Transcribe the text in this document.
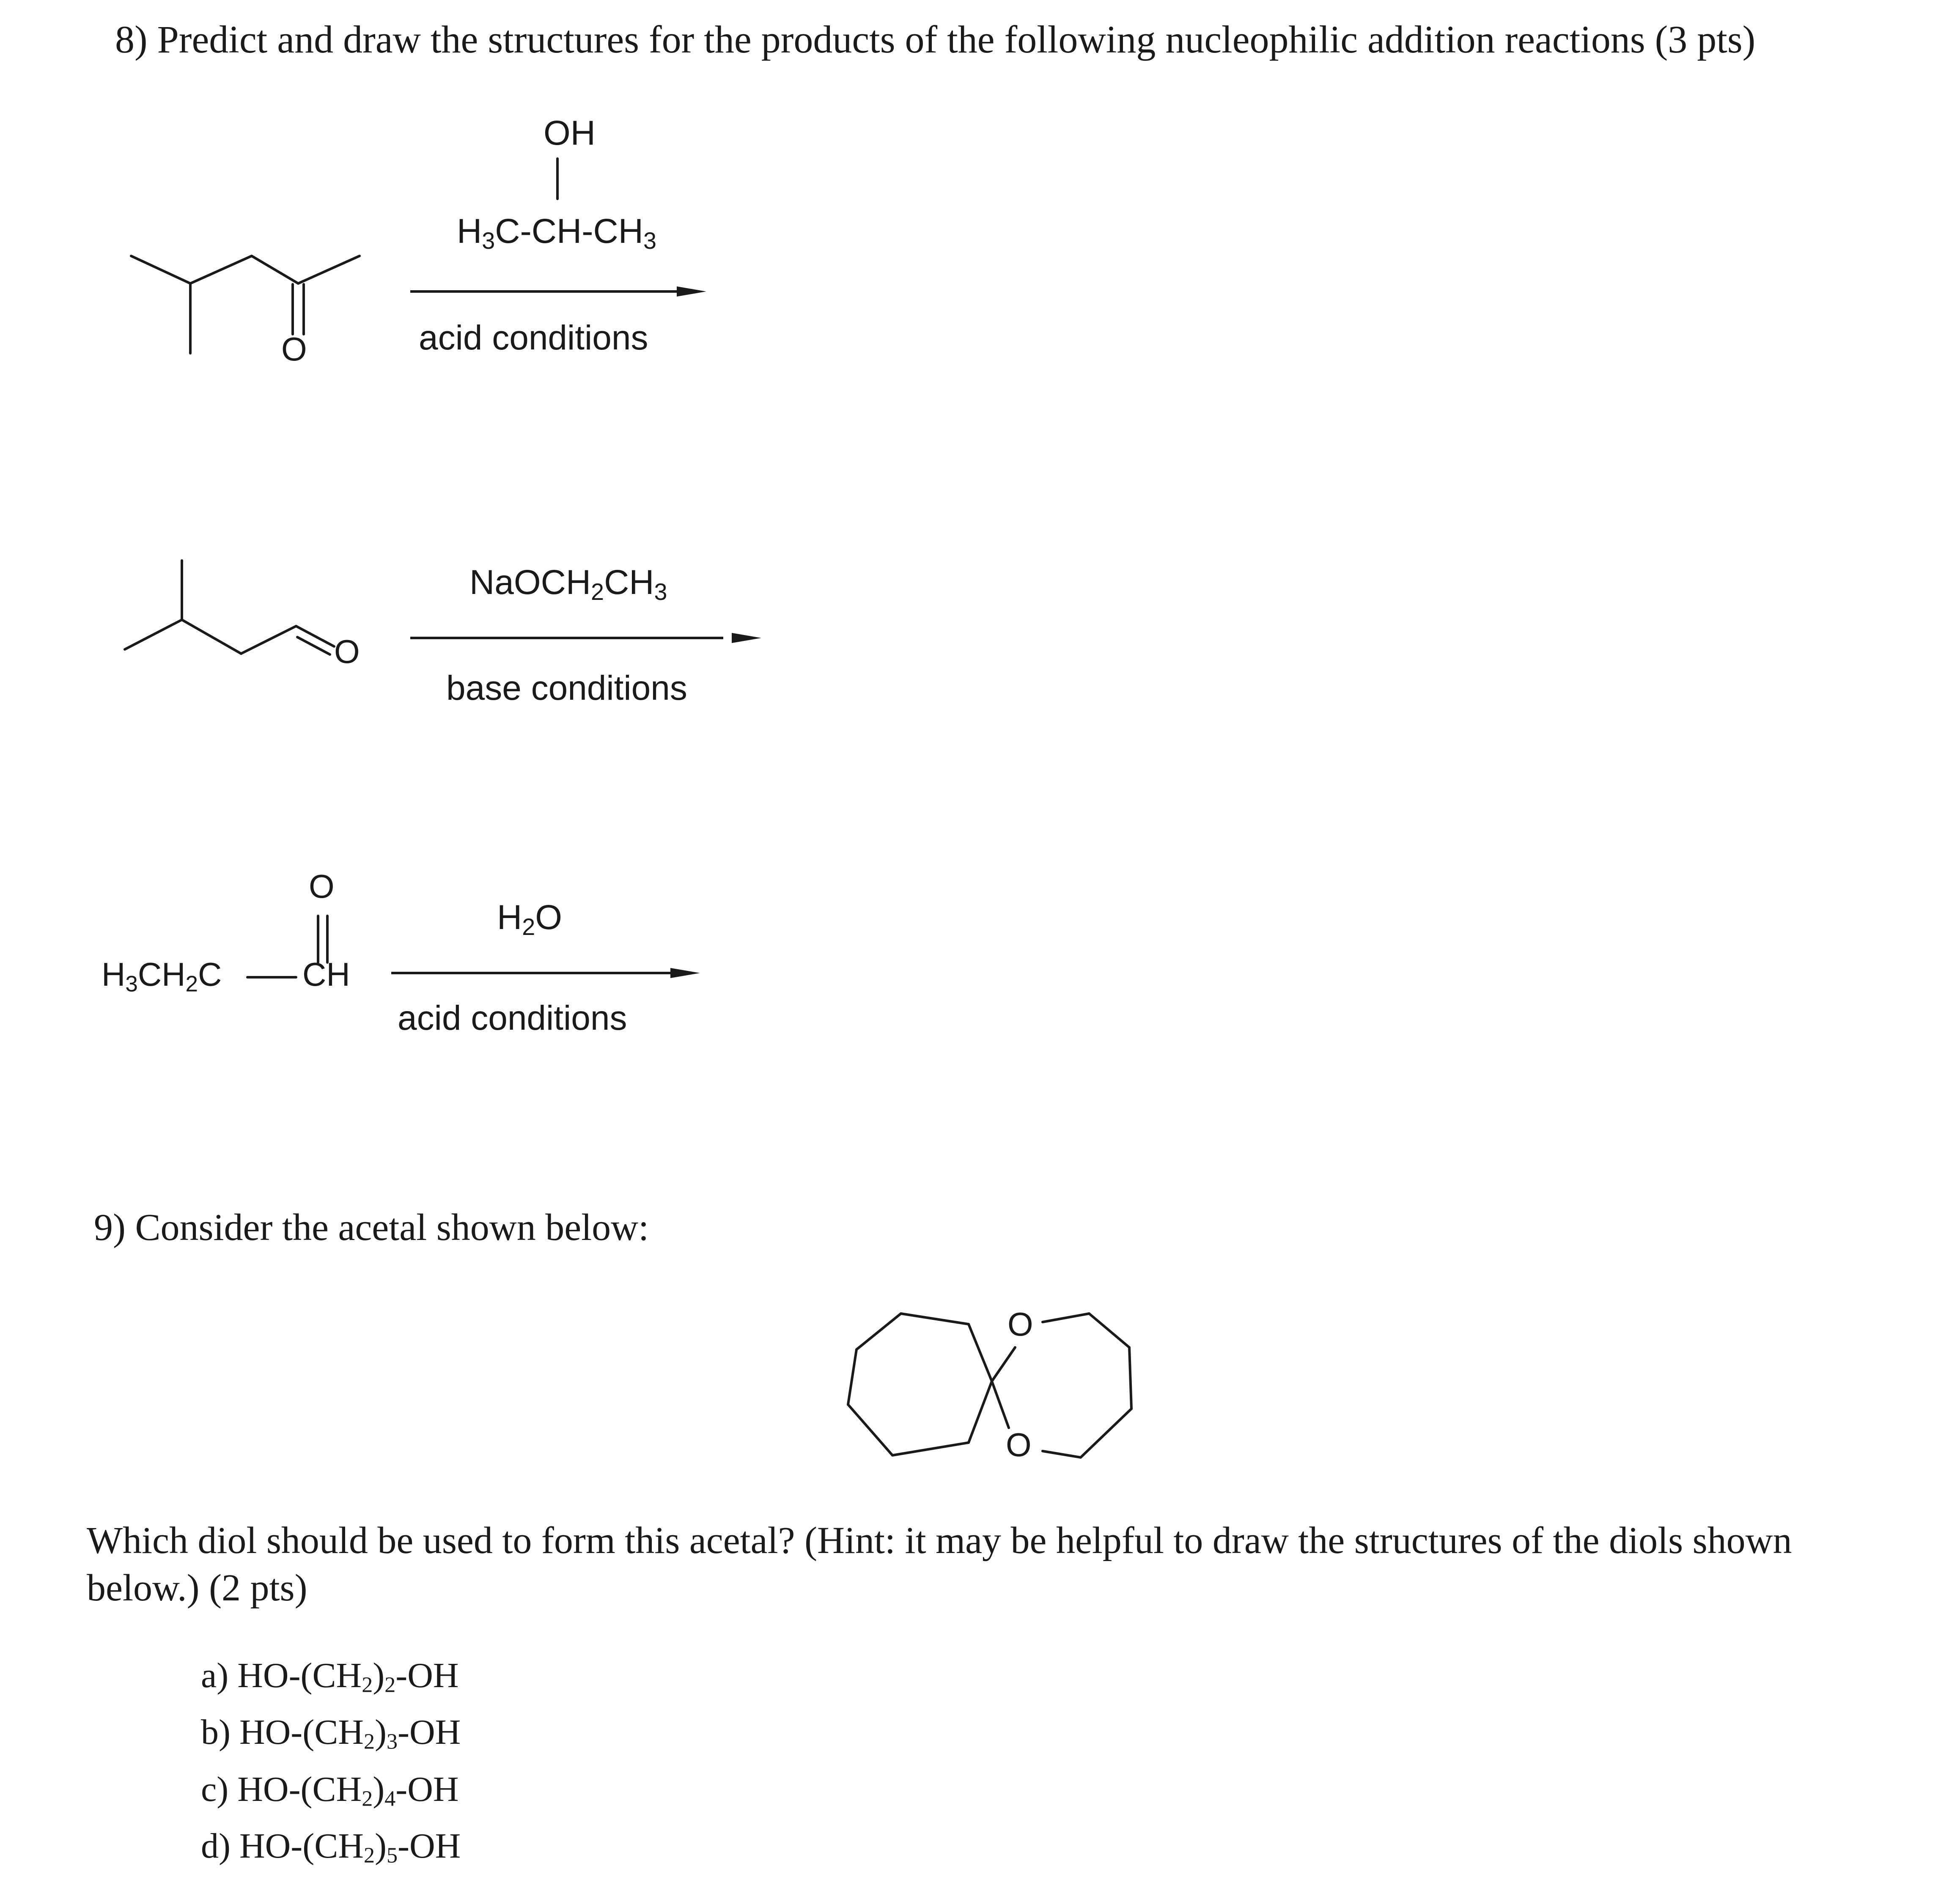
8) Predict and draw the structures for the products of the following nucleophilic addition reactions (3 pts)
O
OH
$H_3C-CH-CH_3$
acid conditions
O
$NaOCH_2CH_3$
base conditions
O
$H_3CH_2C$ CH
$H_2O$
acid conditions
9) Consider the acetal shown below:
O
O
Which diol should be used to form this acetal? (Hint: it may be helpful to draw the structures of the diols shown
below.) (2 pts)
a) HO-(CH2)2-OH
b) HO-(CH2)3-OH
c) HO-(CH2)4-OH
d) HO-(CH2)5-OH
